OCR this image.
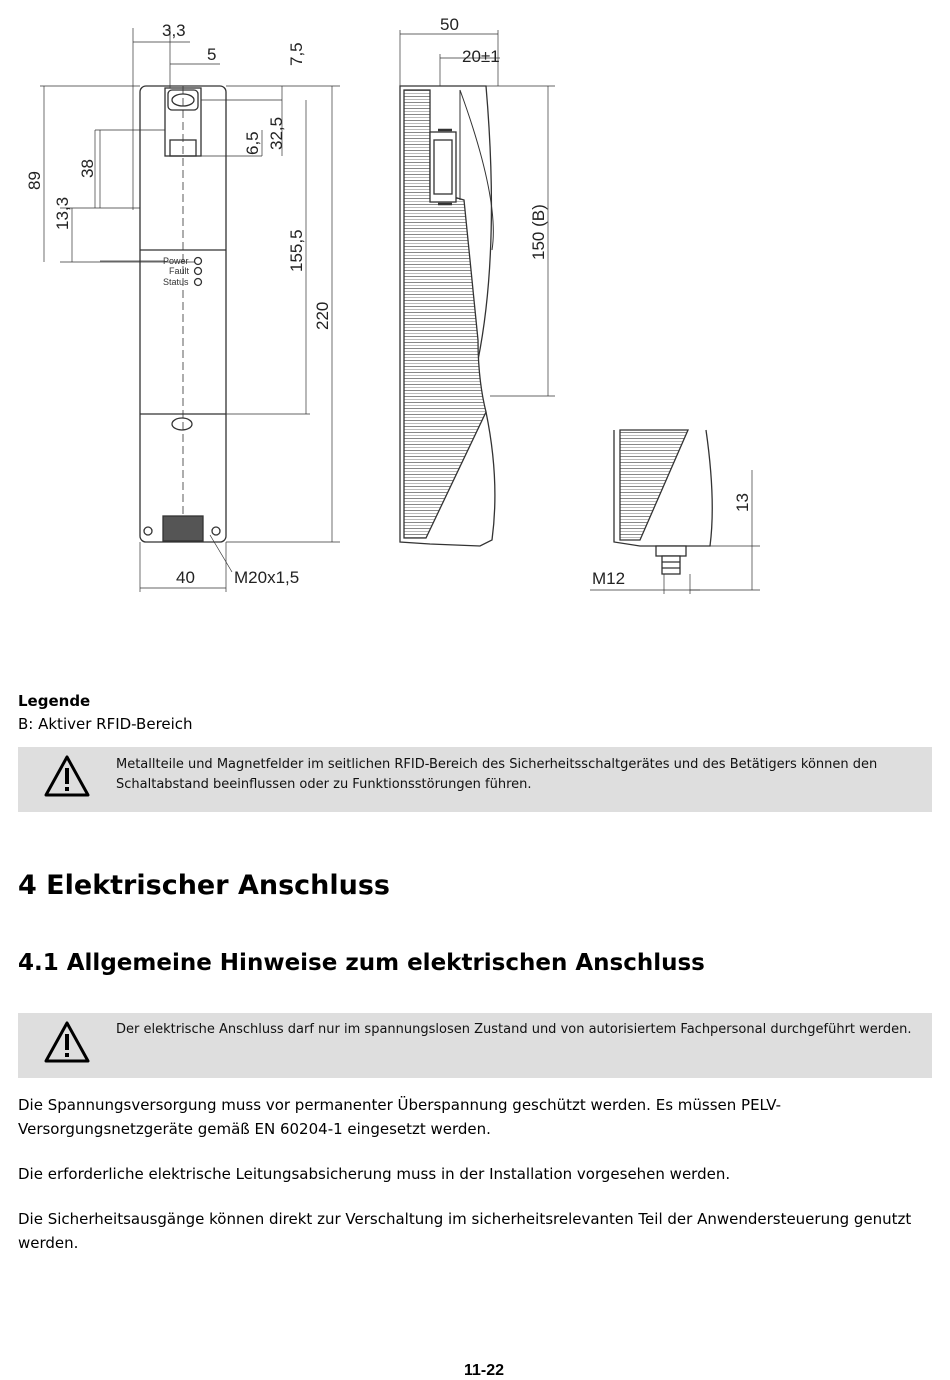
Power
Fault
Status
3,3
5	7,5
89
38
13,3
6,5 32,5
155,5
220
40 M20x1,5
50
20±1
150 (B)
13
M12
Legende
B: Aktiver RFID-Bereich
Metallteile und Magnetfelder im seitlichen RFID-Bereich des Sicherheitsschaltgerätes und des Betätigers können den Schaltabstand beeinflussen oder zu Funktionsstörungen führen.
4 Elektrischer Anschluss
4.1 Allgemeine Hinweise zum elektrischen Anschluss
Der elektrische Anschluss darf nur im spannungslosen Zustand und von autorisiertem Fachpersonal durchgeführt werden.

Die Spannungsversorgung muss vor permanenter Überspannung geschützt werden. Es müssen PELV-Versorgungsnetzgeräte gemäß EN 60204-1 eingesetzt werden.

Die erforderliche elektrische Leitungsabsicherung muss in der Installation vorgesehen werden.

Die Sicherheitsausgänge können direkt zur Verschaltung im sicherheitsrelevanten Teil der Anwendersteuerung genutzt werden.

11-22
